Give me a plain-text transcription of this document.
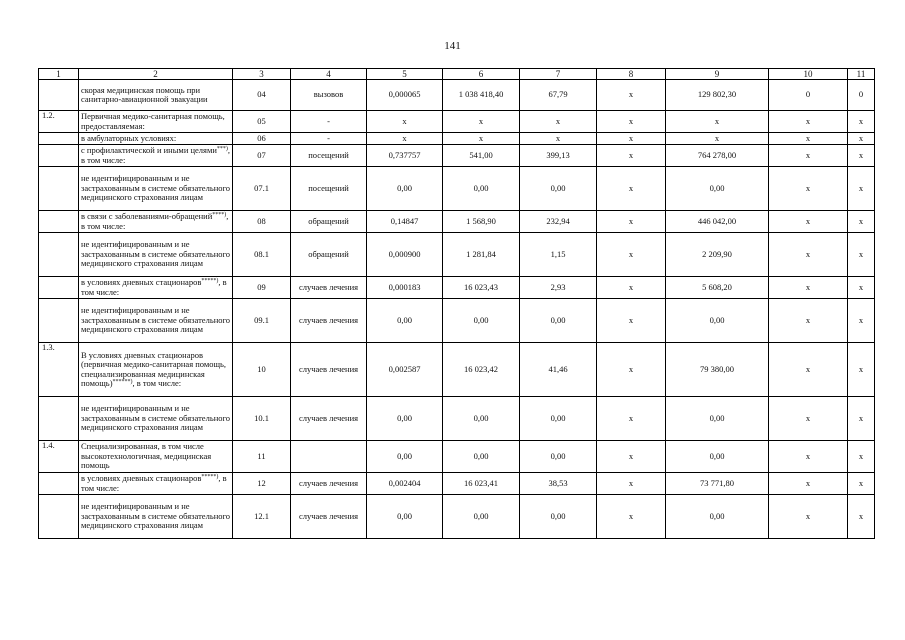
141
1	2	3	4	5	6	7	8	9	10	11
	скорая медицинская помощь при санитарно-авиационной эвакуации	04	вызовов	0,000065	1 038 418,40	67,79	x	129 802,30	0	0
1.2.	Первичная медико-санитарная помощь, предоставляемая:	05	-	x	x	x	x	x	x	x
	в амбулаторных условиях:	06	-	x	x	x	x	x	x	x
	с профилактической и иными целями***), в том числе:	07	посещений	0,737757	541,00	399,13	x	764 278,00	x	x
	не идентифицированным и не застрахованным в системе обязательного медицинского страхования лицам	07.1	посещений	0,00	0,00	0,00	x	0,00	x	x
	в связи с заболеваниями-обращений****), в том числе:	08	обращений	0,14847	1 568,90	232,94	x	446 042,00	x	x
	не идентифицированным и не застрахованным в системе обязательного медицинского страхования лицам	08.1	обращений	0,000900	1 281,84	1,15	x	2 209,90	x	x
	в условиях дневных стационаров*****), в том числе:	09	случаев лечения	0,000183	16 023,43	2,93	x	5 608,20	x	x
	не идентифицированным и не застрахованным в системе обязательного медицинского страхования лицам	09.1	случаев лечения	0,00	0,00	0,00	x	0,00	x	x
1.3.	В условиях дневных стационаров (первичная медико-санитарная помощь, специализированная медицинская помощь)******), в том числе:	10	случаев лечения	0,002587	16 023,42	41,46	x	79 380,00	x	x
	не идентифицированным и не застрахованным в системе обязательного медицинского страхования лицам	10.1	случаев лечения	0,00	0,00	0,00	x	0,00	x	x
1.4.	Специализированная, в том числе высокотехнологичная, медицинская помощь	11		0,00	0,00	0,00	x	0,00	x	x
	в условиях дневных стационаров*****), в том числе:	12	случаев лечения	0,002404	16 023,41	38,53	x	73 771,80	x	x
	не идентифицированным и не застрахованным в системе обязательного медицинского страхования лицам	12.1	случаев лечения	0,00	0,00	0,00	x	0,00	x	x
